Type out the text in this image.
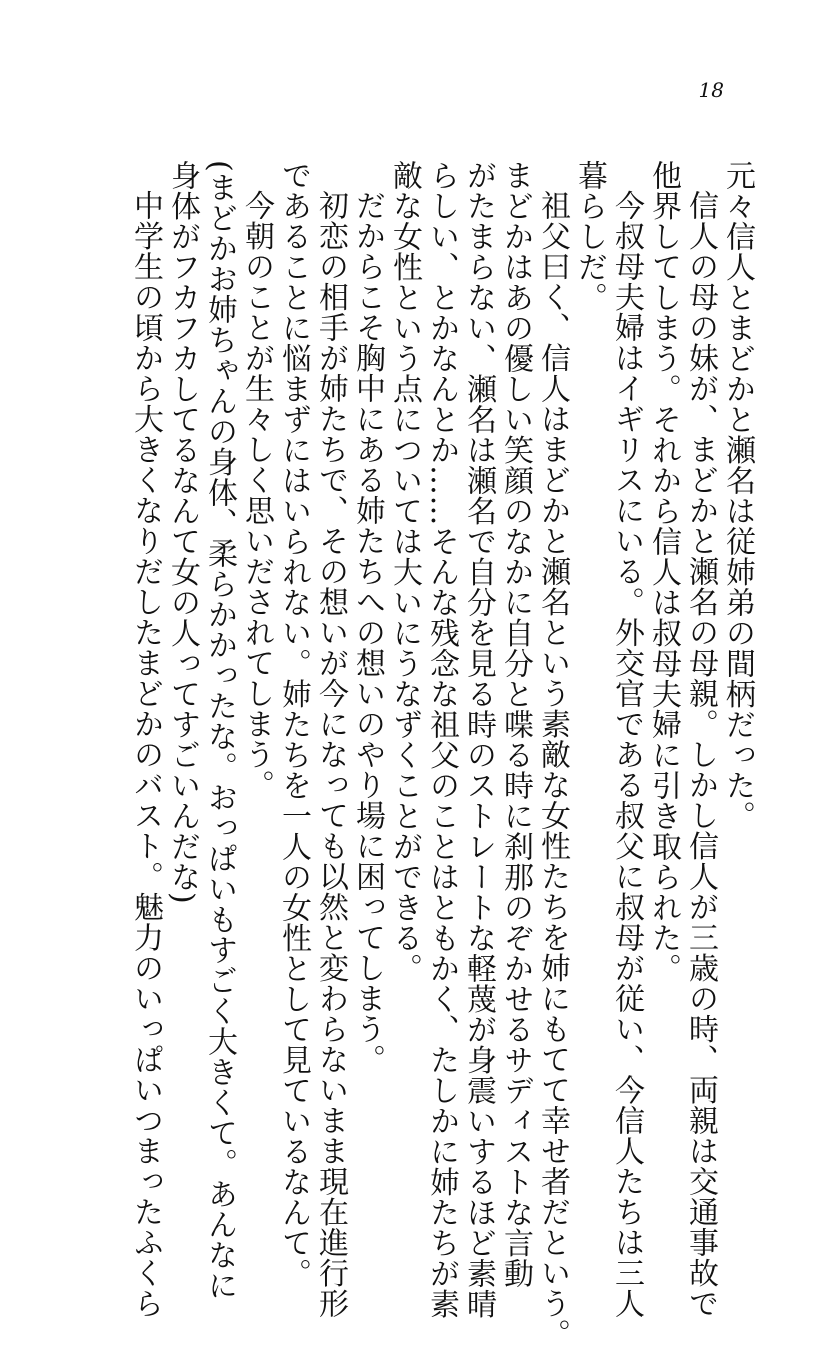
18
元々信人とまどかと瀬名は従姉弟の間柄だった。
信人の母の妹が、まどかと瀬名の母親。しかし信人が三歳の時、両親は交通事故で
他界してしまう。それから信人は叔母夫婦に引き取られた。
今叔母夫婦はイギリスにいる。外交官である叔父に叔母が従い、今信人たちは三人
暮らしだ。
祖父曰く、信人はまどかと瀬名という素敵な女性たちを姉にもてて幸せ者だという。
まどかはあの優しい笑顔のなかに自分と喋る時に刹那のぞかせるサディストな言動
がたまらない、瀬名は瀬名で自分を見る時のストレートな軽蔑が身震いするほど素晴
らしい、とかなんとか……そんな残念な祖父のことはともかく、たしかに姉たちが素
敵な女性という点については大いにうなずくことができる。
だからこそ胸中にある姉たちへの想いのやり場に困ってしまう。
初恋の相手が姉たちで、その想いが今になっても以然と変わらないまま現在進行形
であることに悩まずにはいられない。姉たちを一人の女性として見ているなんて。
今朝のことが生々しく思いだされてしまう。
(まどかお姉ちゃんの身体、柔らかかったな。おっぱいもすごく大きくて。あんなに
身体がフカフカしてるなんて女の人ってすごいんだな)
中学生の頃から大きくなりだしたまどかのバスト。魅力のいっぱいつまったふくら
